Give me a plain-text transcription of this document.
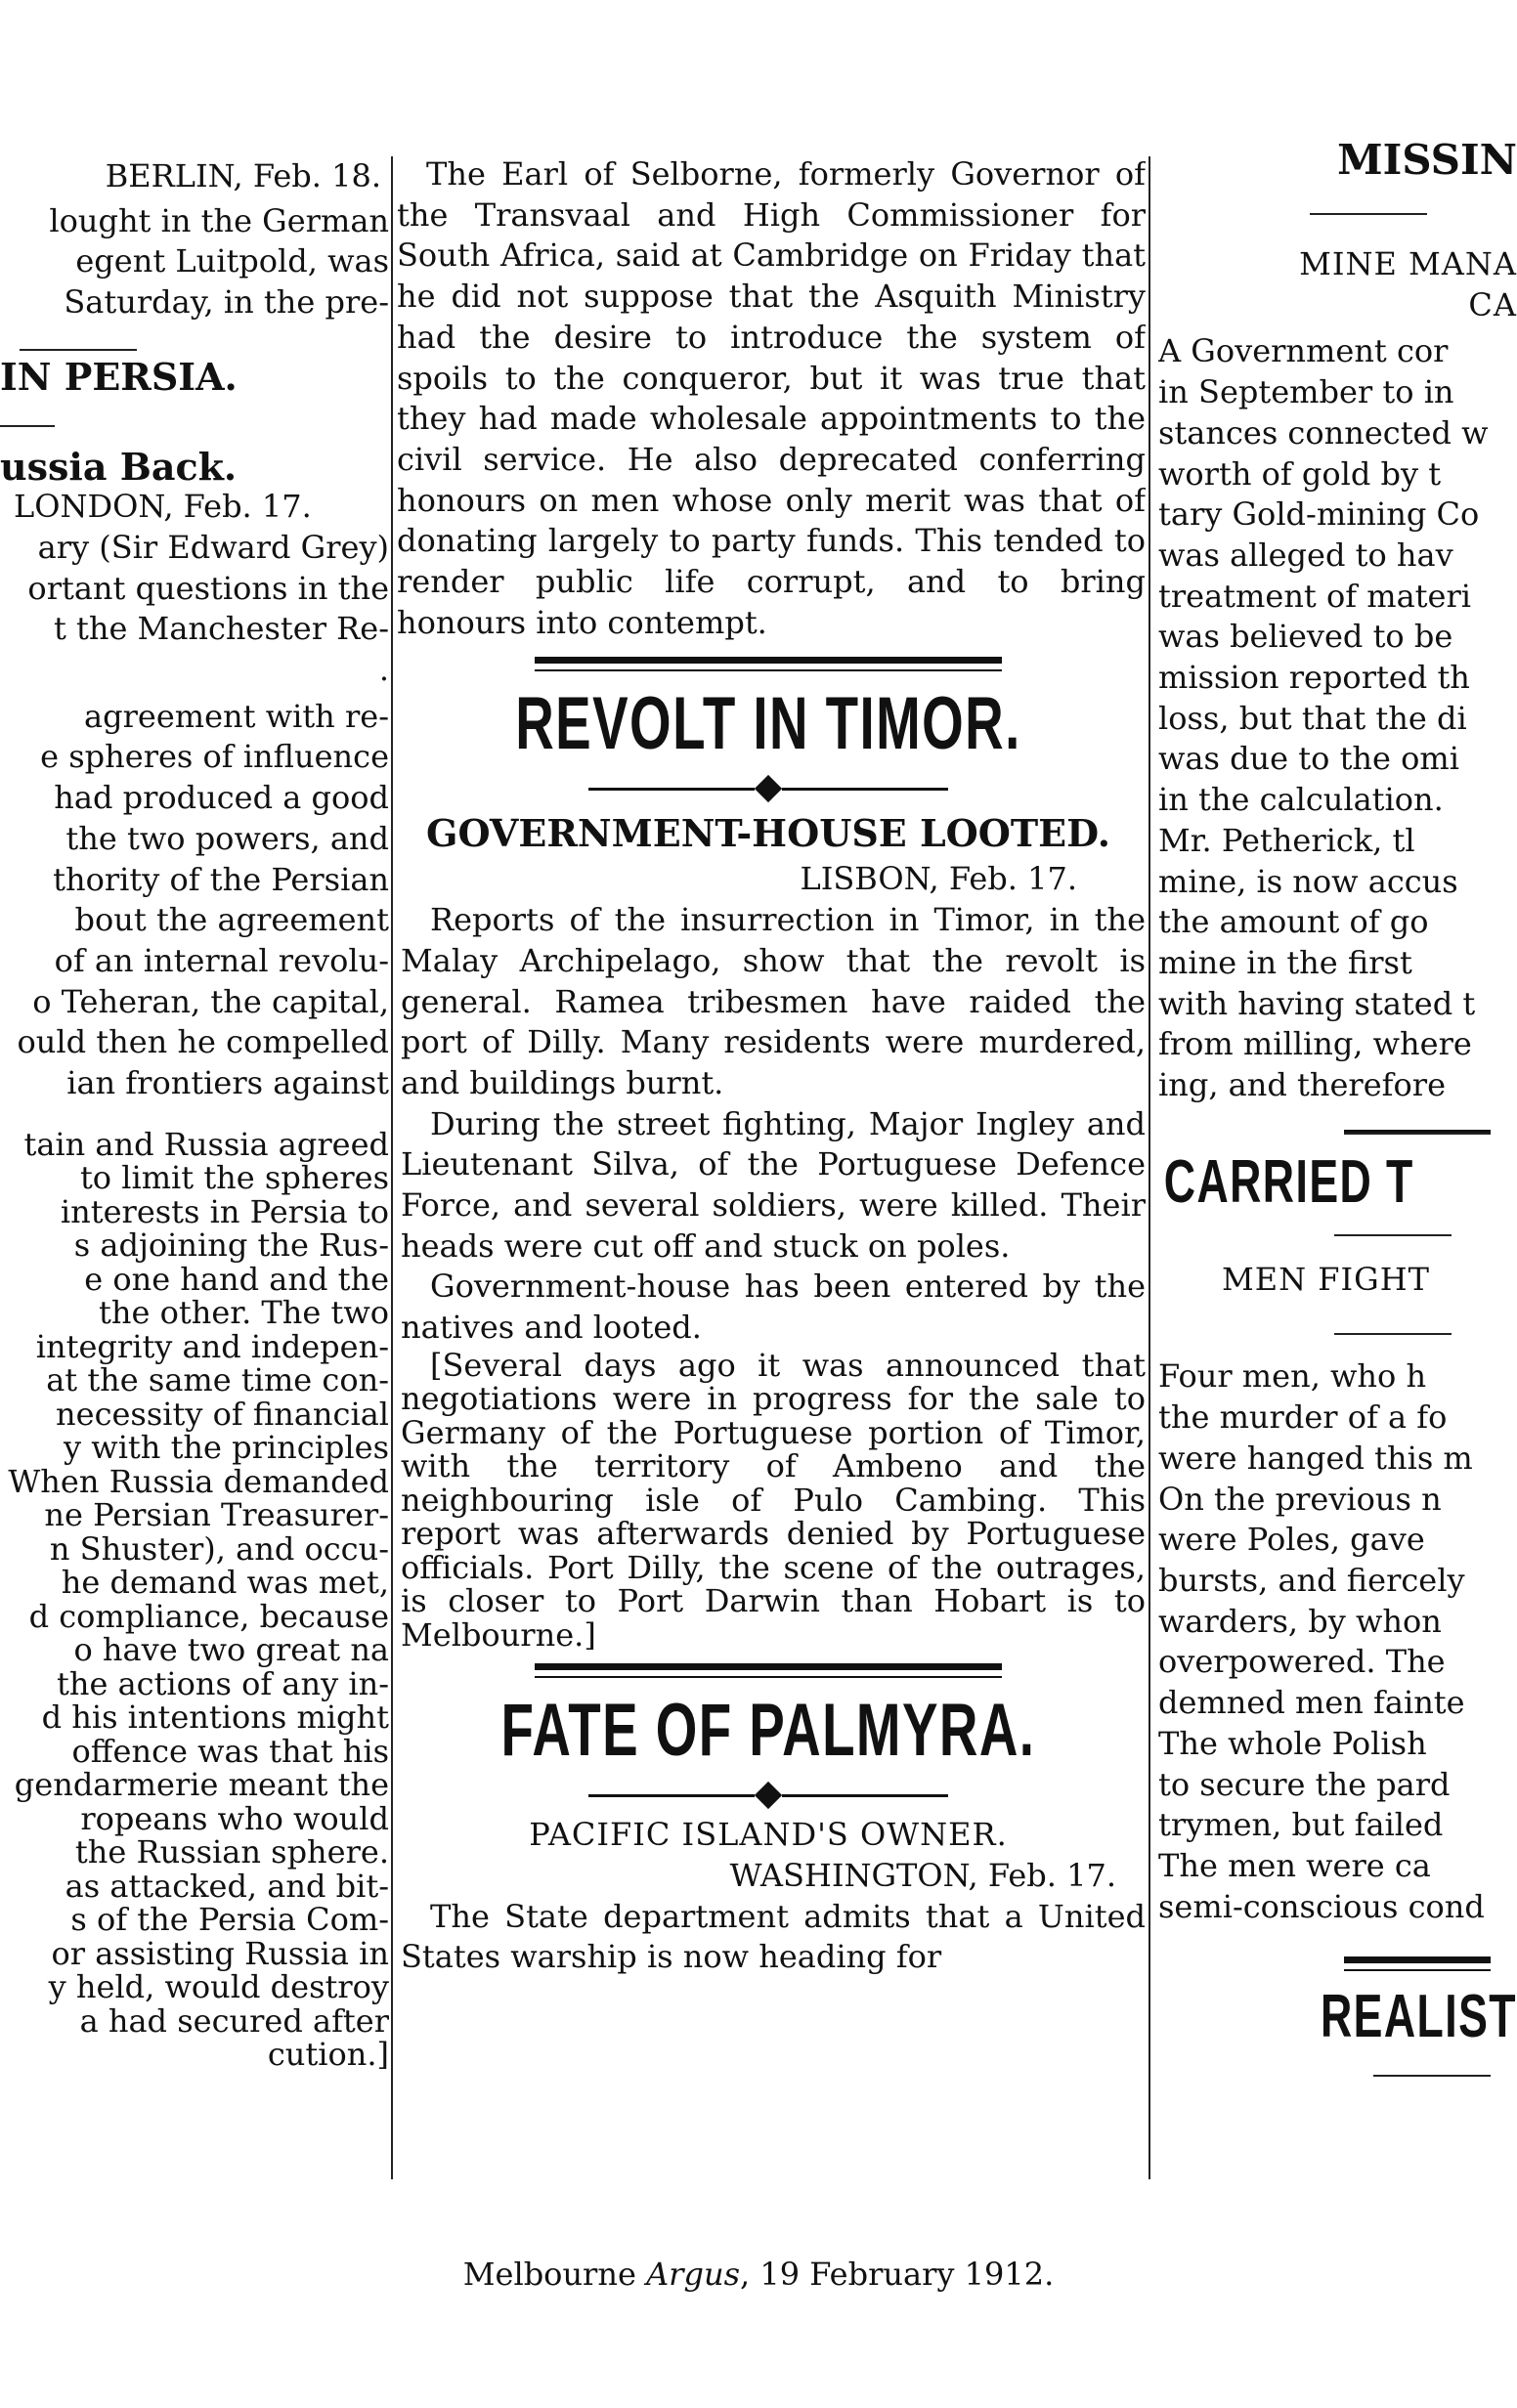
BERLIN, Feb. 18.
lought in the German
egent Luitpold, was
Saturday, in the pre-
IN PERSIA.
ussia Back.
LONDON, Feb. 17.
ary (Sir Edward Grey)
ortant questions in the
t the Manchester Re-
.
agreement with re-
e spheres of influence
had produced a good
the two powers, and
thority of the Persian
bout the agreement
of an internal revolu-
o Teheran, the capital,
ould then he compelled
ian frontiers against
tain and Russia agreed
to limit the spheres
interests in Persia to
s adjoining the Rus-
e one hand and the
the other. The two
integrity and indepen-
at the same time con-
necessity of financial
y with the principles
When Russia demanded
ne Persian Treasurer-
n Shuster), and occu-
he demand was met,
d compliance, because
o have two great na
the actions of any in-
d his intentions might
offence was that his
gendarmerie meant the
ropeans who would
the Russian sphere.
as attacked, and bit-
s of the Persia Com-
or assisting Russia in
y held, would destroy
a had secured after
cution.]

The Earl of Selborne, formerly Governor of the Transvaal and High Commissioner for South Africa, said at Cambridge on Friday that he did not suppose that the Asquith Ministry had the desire to introduce the system of spoils to the conqueror, but it was true that they had made wholesale appointments to the civil service. He also deprecated conferring honours on men whose only merit was that of donating largely to party funds. This tended to render public life corrupt, and to bring honours into contempt.

REVOLT IN TIMOR.
GOVERNMENT-HOUSE LOOTED.
LISBON, Feb. 17.

Reports of the insurrection in Timor, in the Malay Archipelago, show that the revolt is general. Ramea tribesmen have raided the port of Dilly. Many residents were murdered, and buildings burnt.

During the street fighting, Major Ingley and Lieutenant Silva, of the Portuguese Defence Force, and several soldiers, were killed. Their heads were cut off and stuck on poles.

Government-house has been entered by the natives and looted.

[Several days ago it was announced that negotiations were in progress for the sale to Germany of the Portuguese portion of Timor, with the territory of Ambeno and the neighbouring isle of Pulo Cambing. This report was afterwards denied by Portuguese officials. Port Dilly, the scene of the outrages, is closer to Port Darwin than Hobart is to Melbourne.]

FATE OF PALMYRA.
PACIFIC ISLAND'S OWNER.
WASHINGTON, Feb. 17.

The State department admits that a United States warship is now heading for

MISSIN
MINE MANA
CA
A Government cor
in September to in
stances connected w
worth of gold by t
tary Gold-mining Co
was alleged to hav
treatment of materi
was believed to be
mission reported th
loss, but that the di
was due to the omi
in the calculation.
Mr. Petherick, tl
mine, is now accus
the amount of go
mine in the first
with having stated t
from milling, where
ing, and therefore
CARRIED T
MEN FIGHT
Four men, who h
the murder of a fo
were hanged this m
On the previous n
were Poles, gave
bursts, and fiercely
warders, by whon
overpowered. The
demned men fainte
The whole Polish
to secure the pard
trymen, but failed
The men were ca
semi-conscious cond
REALIST
Melbourne Argus, 19 February 1912.
